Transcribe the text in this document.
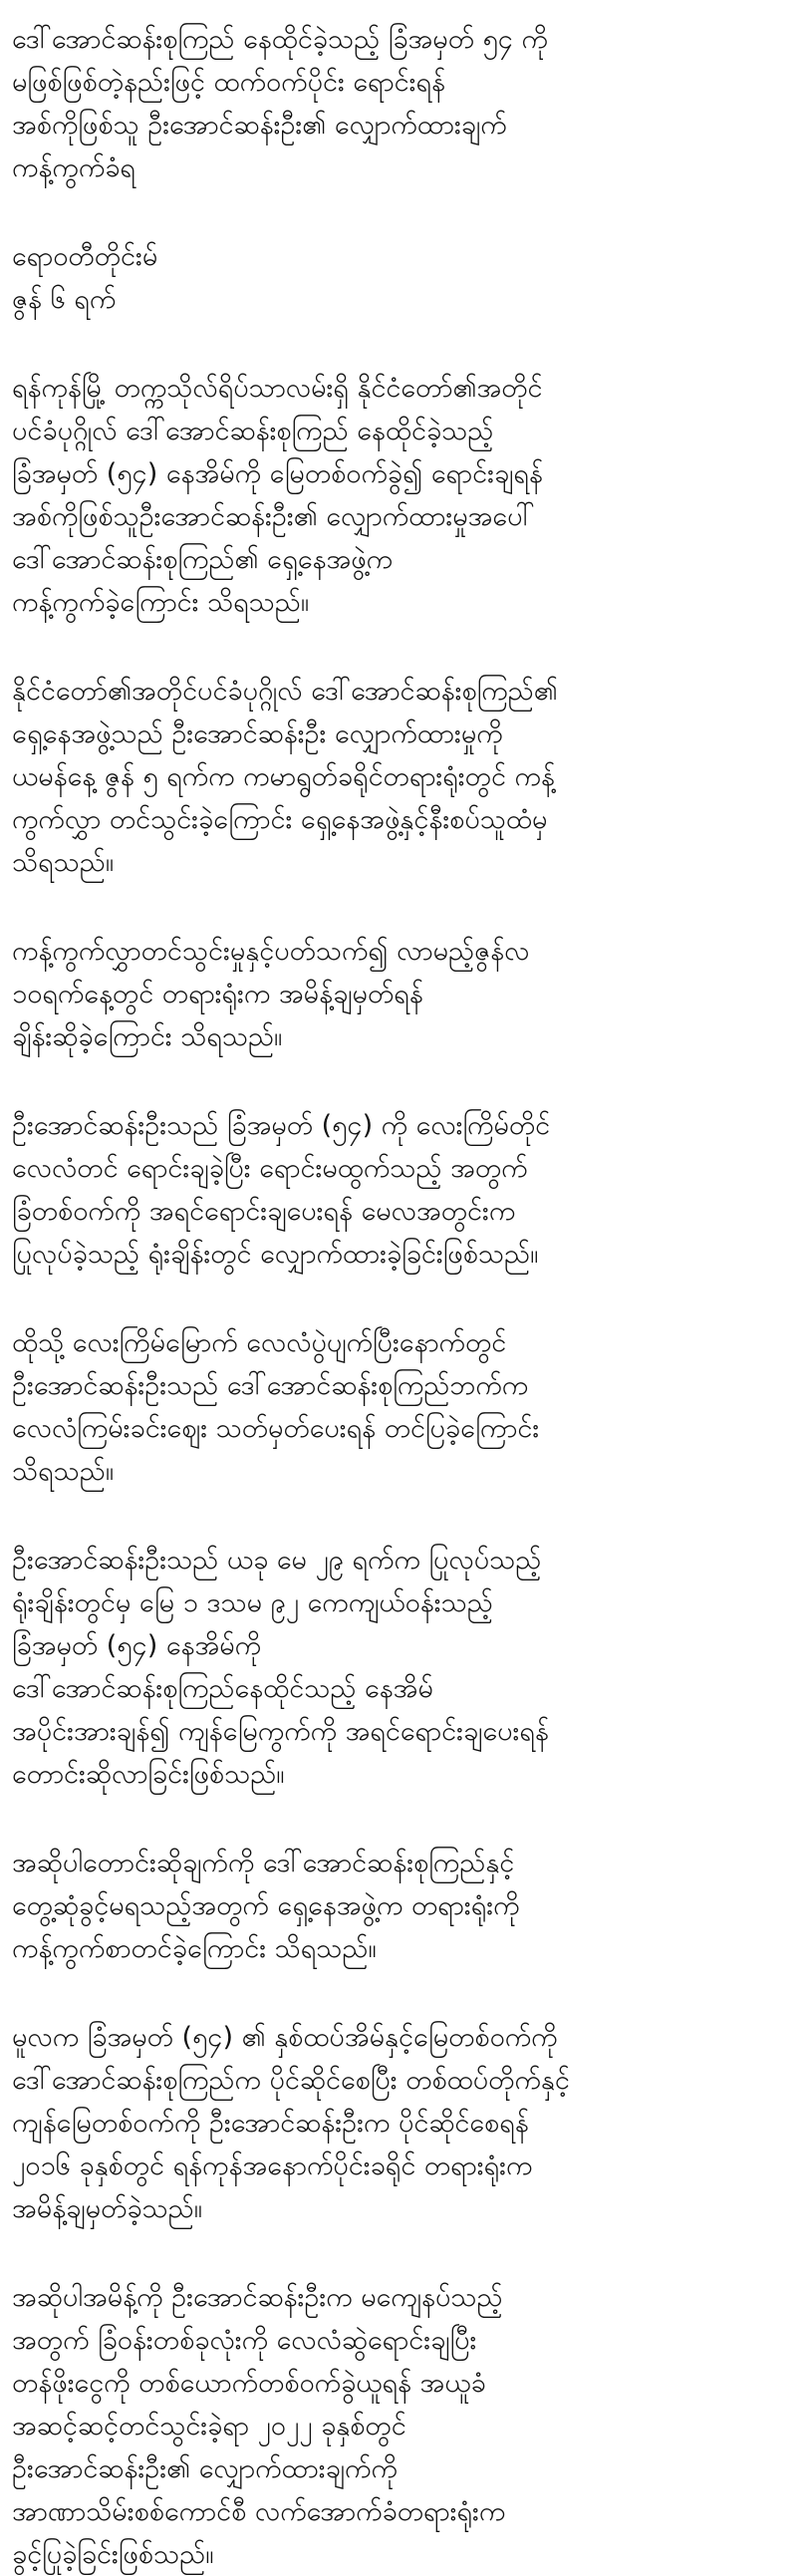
ဒေါ်အောင်ဆန်းစုကြည် နေထိုင်ခဲ့သည့် ခြံအမှတ် ၅၄ ကို
မဖြစ်ဖြစ်တဲ့နည်းဖြင့် ထက်ဝက်ပိုင်း ရောင်းရန်
အစ်ကိုဖြစ်သူ ဦးအောင်ဆန်းဦး၏ လျှောက်ထားချက်
ကန့်ကွက်ခံရ

ရောဝတီတိုင်းမ်

ဇွန် ၆ ရက်

ရန်ကုန်မြို့ တက္ကသိုလ်ရိပ်သာလမ်းရှိ နိုင်ငံတော်၏အတိုင်
ပင်ခံပုဂ္ဂိုလ် ဒေါ်အောင်ဆန်းစုကြည် နေထိုင်ခဲ့သည့်
ခြံအမှတ် (၅၄) နေအိမ်ကို မြေတစ်ဝက်ခွဲ၍ ရောင်းချရန်
အစ်ကိုဖြစ်သူဦးအောင်ဆန်းဦး၏ လျှောက်ထားမှုအပေါ်
ဒေါ်အောင်ဆန်းစုကြည်၏ ရှေ့နေအဖွဲ့က
ကန့်ကွက်ခဲ့ကြောင်း သိရသည်။

နိုင်ငံတော်၏အတိုင်ပင်ခံပုဂ္ဂိုလ် ဒေါ်အောင်ဆန်းစုကြည်၏
ရှေ့နေအဖွဲ့သည် ဦးအောင်ဆန်းဦး လျှောက်ထားမှုကို
ယမန်နေ့ ဇွန် ၅ ရက်က ကမာရွတ်ခရိုင်တရားရုံးတွင် ကန့်
ကွက်လွှာ တင်သွင်းခဲ့ကြောင်း ရှေ့နေအဖွဲ့နှင့်နီးစပ်သူထံမှ
သိရသည်။

ကန့်ကွက်လွှာတင်သွင်းမှုနှင့်ပတ်သက်၍ လာမည့်ဇွန်လ
၁၀ရက်နေ့တွင် တရားရုံးက အမိန့်ချမှတ်ရန်
ချိန်းဆိုခဲ့ကြောင်း သိရသည်။

ဦးအောင်ဆန်းဦးသည် ခြံအမှတ် (၅၄) ကို လေးကြိမ်တိုင်
လေလံတင် ရောင်းချခဲ့ပြီး ရောင်းမထွက်သည့် အတွက်
ခြံတစ်ဝက်ကို အရင်ရောင်းချပေးရန် မေလအတွင်းက
ပြုလုပ်ခဲ့သည့် ရုံးချိန်းတွင် လျှောက်ထားခဲ့ခြင်းဖြစ်သည်။

ထိုသို့ လေးကြိမ်မြောက် လေလံပွဲပျက်ပြီးနောက်တွင်
ဦးအောင်ဆန်းဦးသည် ဒေါ်အောင်ဆန်းစုကြည်ဘက်က
လေလံကြမ်းခင်းဈေး သတ်မှတ်ပေးရန် တင်ပြခဲ့ကြောင်း
သိရသည်။

ဦးအောင်ဆန်းဦးသည် ယခု မေ ၂၉ ရက်က ပြုလုပ်သည့်
ရုံးချိန်းတွင်မှ မြေ ၁ ဒသမ ၉၂ ကေကျယ်ဝန်းသည့်
ခြံအမှတ် (၅၄) နေအိမ်ကို
ဒေါ်အောင်ဆန်းစုကြည်နေထိုင်သည့် နေအိမ်
အပိုင်းအားချန်၍ ကျန်မြေကွက်ကို အရင်ရောင်းချပေးရန်
တောင်းဆိုလာခြင်းဖြစ်သည်။

အဆိုပါတောင်းဆိုချက်ကို ဒေါ်အောင်ဆန်းစုကြည်နှင့်
တွေ့ဆုံခွင့်မရသည့်အတွက် ရှေ့နေအဖွဲ့က တရားရုံးကို
ကန့်ကွက်စာတင်ခဲ့ကြောင်း သိရသည်။

မူလက ခြံအမှတ် (၅၄) ၏ နှစ်ထပ်အိမ်နှင့်မြေတစ်ဝက်ကို
ဒေါ်အောင်ဆန်းစုကြည်က ပိုင်ဆိုင်စေပြီး တစ်ထပ်တိုက်နှင့်
ကျန်မြေတစ်ဝက်ကို ဦးအောင်ဆန်းဦးက ပိုင်ဆိုင်စေရန်
၂၀၁၆ ခုနှစ်တွင် ရန်ကုန်အနောက်ပိုင်းခရိုင် တရားရုံးက
အမိန့်ချမှတ်ခဲ့သည်။

အဆိုပါအမိန့်ကို ဦးအောင်ဆန်းဦးက မကျေနပ်သည့်
အတွက် ခြံဝန်းတစ်ခုလုံးကို လေလံဆွဲရောင်းချပြီး
တန်ဖိုးငွေကို တစ်ယောက်တစ်ဝက်ခွဲယူရန် အယူခံ
အဆင့်ဆင့်တင်သွင်းခဲ့ရာ ၂၀၂၂ ခုနှစ်တွင်
ဦးအောင်ဆန်းဦး၏ လျှောက်ထားချက်ကို
အာဏာသိမ်းစစ်ကောင်စီ လက်အောက်ခံတရားရုံးက
ခွင့်ပြုခဲ့ခြင်းဖြစ်သည်။
